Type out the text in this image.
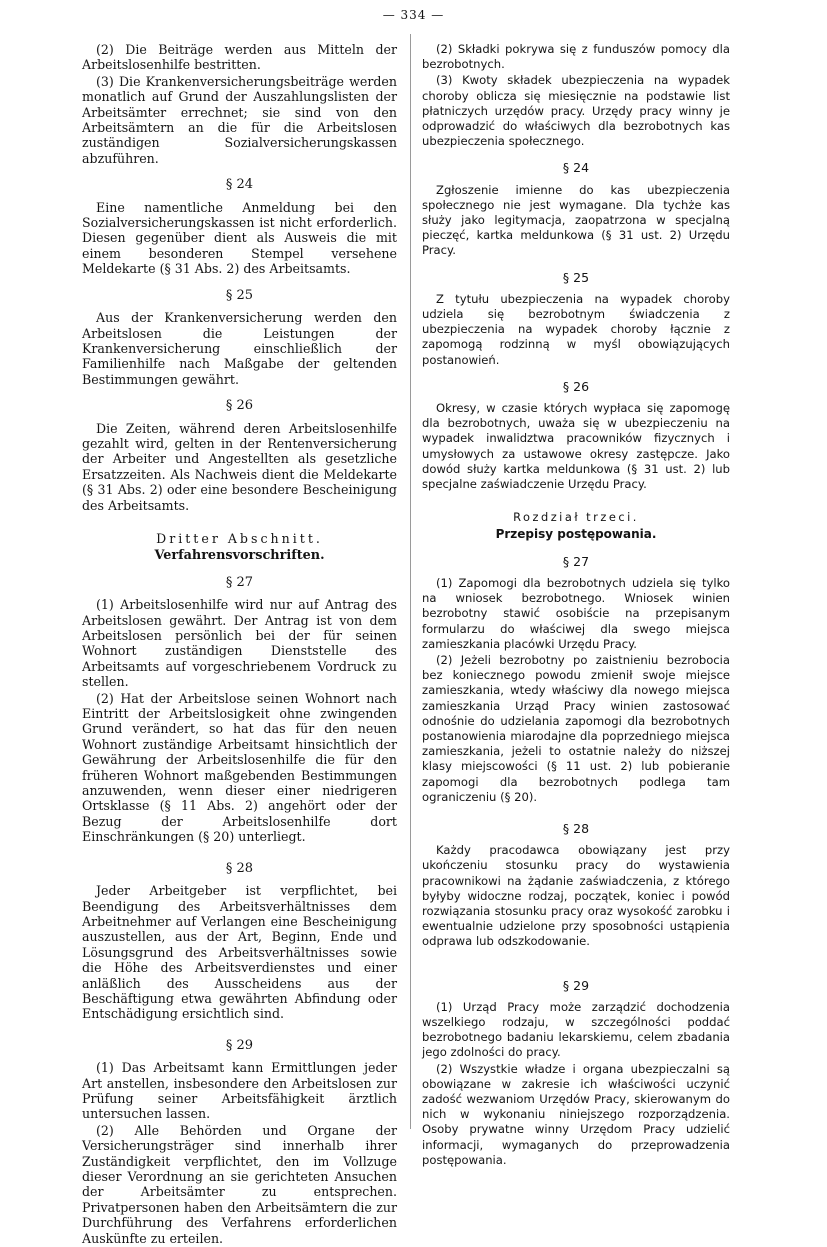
— 334 —

(2) Die Beiträge werden aus Mitteln der Arbeitslosenhilfe bestritten.

(3) Die Krankenversicherungsbeiträge werden monatlich auf Grund der Auszahlungslisten der Arbeitsämter errechnet; sie sind von den Arbeitsämtern an die für die Arbeitslosen zuständigen Sozialversicherungskassen abzuführen.

§ 24

Eine namentliche Anmeldung bei den Sozialversicherungskassen ist nicht erforderlich. Diesen gegenüber dient als Ausweis die mit einem besonderen Stempel versehene Meldekarte (§ 31 Abs. 2) des Arbeitsamts.

§ 25

Aus der Krankenversicherung werden den Arbeitslosen die Leistungen der Krankenversicherung einschließlich der Familienhilfe nach Maßgabe der geltenden Bestimmungen gewährt.

§ 26

Die Zeiten, während deren Arbeitslosenhilfe gezahlt wird, gelten in der Rentenversicherung der Arbeiter und Angestellten als gesetzliche Ersatzzeiten. Als Nachweis dient die Meldekarte (§ 31 Abs. 2) oder eine besondere Bescheinigung des Arbeitsamts.

Dritter Abschnitt.

Verfahrensvorschriften.

§ 27

(1) Arbeitslosenhilfe wird nur auf Antrag des Arbeitslosen gewährt. Der Antrag ist von dem Arbeitslosen persönlich bei der für seinen Wohnort zuständigen Dienststelle des Arbeitsamts auf vorgeschriebenem Vordruck zu stellen.

(2) Hat der Arbeitslose seinen Wohnort nach Eintritt der Arbeitslosigkeit ohne zwingenden Grund verändert, so hat das für den neuen Wohnort zuständige Arbeitsamt hinsichtlich der Gewährung der Arbeitslosenhilfe die für den früheren Wohnort maßgebenden Bestimmungen anzuwenden, wenn dieser einer niedrigeren Ortsklasse (§ 11 Abs. 2) angehört oder der Bezug der Arbeitslosenhilfe dort Einschränkungen (§ 20) unterliegt.

§ 28

Jeder Arbeitgeber ist verpflichtet, bei Beendigung des Arbeitsverhältnisses dem Arbeitnehmer auf Verlangen eine Bescheinigung auszustellen, aus der Art, Beginn, Ende und Lösungsgrund des Arbeitsverhältnisses sowie die Höhe des Arbeitsverdienstes und einer anläßlich des Ausscheidens aus der Beschäftigung etwa gewährten Abfindung oder Entschädigung ersichtlich sind.

§ 29

(1) Das Arbeitsamt kann Ermittlungen jeder Art anstellen, insbesondere den Arbeitslosen zur Prüfung seiner Arbeitsfähigkeit ärztlich untersuchen lassen.

(2) Alle Behörden und Organe der Versicherungsträger sind innerhalb ihrer Zuständigkeit verpflichtet, den im Vollzuge dieser Verordnung an sie gerichteten Ansuchen der Arbeitsämter zu entsprechen. Privatpersonen haben den Arbeitsämtern die zur Durchführung des Verfahrens erforderlichen Auskünfte zu erteilen.

(2) Składki pokrywa się z funduszów pomocy dla bezrobotnych.

(3) Kwoty składek ubezpieczenia na wypadek choroby oblicza się miesięcznie na podstawie list płatniczych urzędów pracy. Urzędy pracy winny je odprowadzić do właściwych dla bezrobotnych kas ubezpieczenia społecznego.

§ 24

Zgłoszenie imienne do kas ubezpieczenia społecznego nie jest wymagane. Dla tychże kas służy jako legitymacja, zaopatrzona w specjalną pieczęć, kartka meldunkowa (§ 31 ust. 2) Urzędu Pracy.

§ 25

Z tytułu ubezpieczenia na wypadek choroby udziela się bezrobotnym świadczenia z ubezpieczenia na wypadek choroby łącznie z zapomogą rodzinną w myśl obowiązujących postanowień.

§ 26

Okresy, w czasie których wypłaca się zapomogę dla bezrobotnych, uważa się w ubezpieczeniu na wypadek inwalidztwa pracowników fizycznych i umysłowych za ustawowe okresy zastępcze. Jako dowód służy kartka meldunkowa (§ 31 ust. 2) lub specjalne zaświadczenie Urzędu Pracy.

Rozdział trzeci.

Przepisy postępowania.

§ 27

(1) Zapomogi dla bezrobotnych udziela się tylko na wniosek bezrobotnego. Wniosek winien bezrobotny stawić osobiście na przepisanym formularzu do właściwej dla swego miejsca zamieszkania placówki Urzędu Pracy.

(2) Jeżeli bezrobotny po zaistnieniu bezrobocia bez koniecznego powodu zmienił swoje miejsce zamieszkania, wtedy właściwy dla nowego miejsca zamieszkania Urząd Pracy winien zastosować odnośnie do udzielania zapomogi dla bezrobotnych postanowienia miarodajne dla poprzedniego miejsca zamieszkania, jeżeli to ostatnie należy do niższej klasy miejscowości (§ 11 ust. 2) lub pobieranie zapomogi dla bezrobotnych podlega tam ograniczeniu (§ 20).

§ 28

Każdy pracodawca obowiązany jest przy ukończeniu stosunku pracy do wystawienia pracownikowi na żądanie zaświadczenia, z którego byłyby widoczne rodzaj, początek, koniec i powód rozwiązania stosunku pracy oraz wysokość zarobku i ewentualnie udzielone przy sposobności ustąpienia odprawa lub odszkodowanie.

§ 29

(1) Urząd Pracy może zarządzić dochodzenia wszelkiego rodzaju, w szczególności poddać bezrobotnego badaniu lekarskiemu, celem zbadania jego zdolności do pracy.

(2) Wszystkie władze i organa ubezpieczalni są obowiązane w zakresie ich właściwości uczynić zadość wezwaniom Urzędów Pracy, skierowanym do nich w wykonaniu niniejszego rozporządzenia. Osoby prywatne winny Urzędom Pracy udzielić informacji, wymaganych do przeprowadzenia postępowania.
